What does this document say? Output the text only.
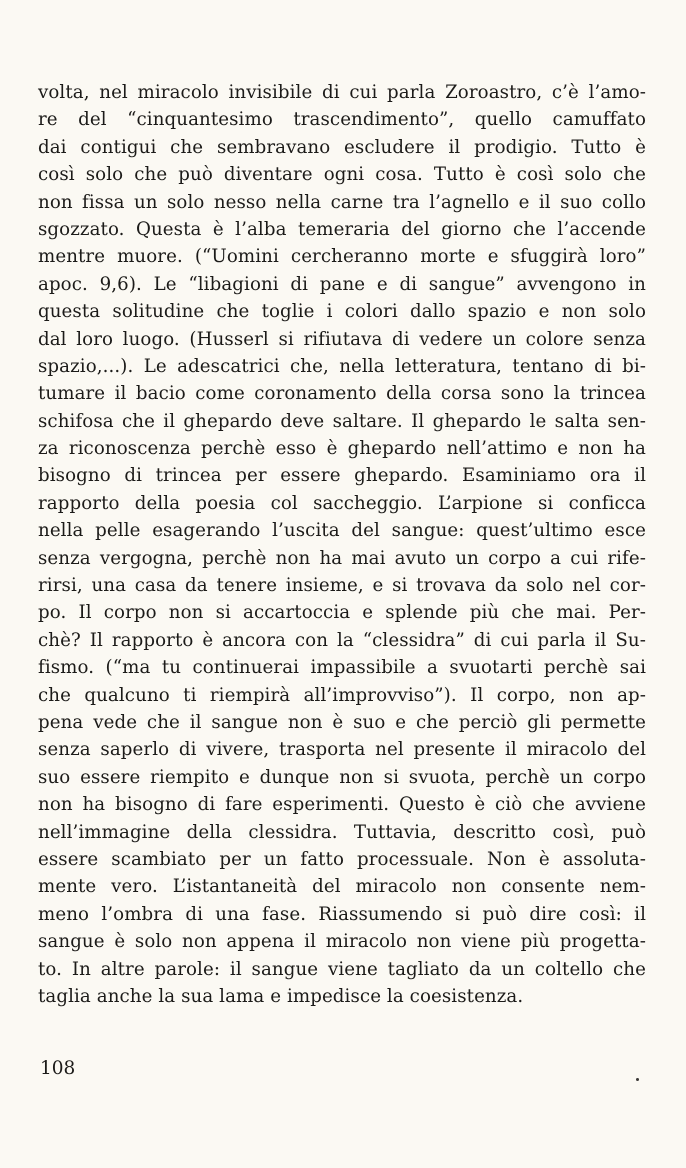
volta, nel miracolo invisibile di cui parla Zoroastro, c’è l’amo-
re del “cinquantesimo trascendimento”, quello camuffato
dai contigui che sembravano escludere il prodigio. Tutto è
così solo che può diventare ogni cosa. Tutto è così solo che
non fissa un solo nesso nella carne tra l’agnello e il suo collo
sgozzato. Questa è l’alba temeraria del giorno che l’accende
mentre muore. (“Uomini cercheranno morte e sfuggirà loro”
apoc. 9,6). Le “libagioni di pane e di sangue” avvengono in
questa solitudine che toglie i colori dallo spazio e non solo
dal loro luogo. (Husserl si rifiutava di vedere un colore senza
spazio,...). Le adescatrici che, nella letteratura, tentano di bi-
tumare il bacio come coronamento della corsa sono la trincea
schifosa che il ghepardo deve saltare. Il ghepardo le salta sen-
za riconoscenza perchè esso è ghepardo nell’attimo e non ha
bisogno di trincea per essere ghepardo. Esaminiamo ora il
rapporto della poesia col saccheggio. L’arpione si conficca
nella pelle esagerando l’uscita del sangue: quest’ultimo esce
senza vergogna, perchè non ha mai avuto un corpo a cui rife-
rirsi, una casa da tenere insieme, e si trovava da solo nel cor-
po. Il corpo non si accartoccia e splende più che mai. Per-
chè? Il rapporto è ancora con la “clessidra” di cui parla il Su-
fismo. (“ma tu continuerai impassibile a svuotarti perchè sai
che qualcuno ti riempirà all’improvviso”). Il corpo, non ap-
pena vede che il sangue non è suo e che perciò gli permette
senza saperlo di vivere, trasporta nel presente il miracolo del
suo essere riempito e dunque non si svuota, perchè un corpo
non ha bisogno di fare esperimenti. Questo è ciò che avviene
nell’immagine della clessidra. Tuttavia, descritto così, può
essere scambiato per un fatto processuale. Non è assoluta-
mente vero. L’istantaneità del miracolo non consente nem-
meno l’ombra di una fase. Riassumendo si può dire così: il
sangue è solo non appena il miracolo non viene più progetta-
to. In altre parole: il sangue viene tagliato da un coltello che
taglia anche la sua lama e impedisce la coesistenza.
108
